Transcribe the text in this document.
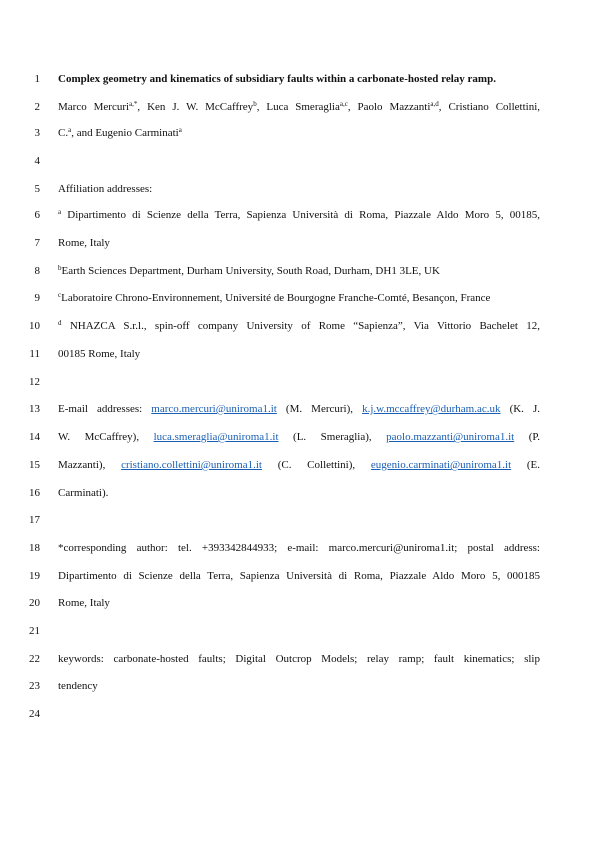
1
2
3
4
5
6
7
8
9
10
11
12
13
14
15
16
17
18
19
20
21
22
23
24
Complex geometry and kinematics of subsidiary faults within a carbonate-hosted relay ramp.
Marco Mercuri$^{a,*}$, Ken J. W. McCaffrey$^b$, Luca Smeraglia$^{a,c}$, Paolo Mazzanti$^{a,d}$, Cristiano Collettini,
C.$^a$, and Eugenio Carminati$^a$
Affiliation addresses:
$^a$ Dipartimento di Scienze della Terra, Sapienza Università di Roma, Piazzale Aldo Moro 5, 00185,
Rome, Italy
$^b$Earth Sciences Department, Durham University, South Road, Durham, DH1 3LE, UK
$^c$Laboratoire Chrono-Environnement, Université de Bourgogne Franche-Comté, Besançon, France
$^d$ NHAZCA S.r.l., spin-off company University of Rome “Sapienza”, Via Vittorio Bachelet 12,
00185 Rome, Italy
E-mail addresses: marco.mercuri@uniroma1.it (M. Mercuri), k.j.w.mccaffrey@durham.ac.uk (K. J.
W. McCaffrey), luca.smeraglia@uniroma1.it (L. Smeraglia), paolo.mazzanti@uniroma1.it (P.
Mazzanti), cristiano.collettini@uniroma1.it (C. Collettini), eugenio.carminati@uniroma1.it (E.
Carminati).
*corresponding author: tel. +393342844933; e-mail: marco.mercuri@uniroma1.it; postal address:
Dipartimento di Scienze della Terra, Sapienza Università di Roma, Piazzale Aldo Moro 5, 000185
Rome, Italy
keywords: carbonate-hosted faults; Digital Outcrop Models; relay ramp; fault kinematics; slip
tendency
